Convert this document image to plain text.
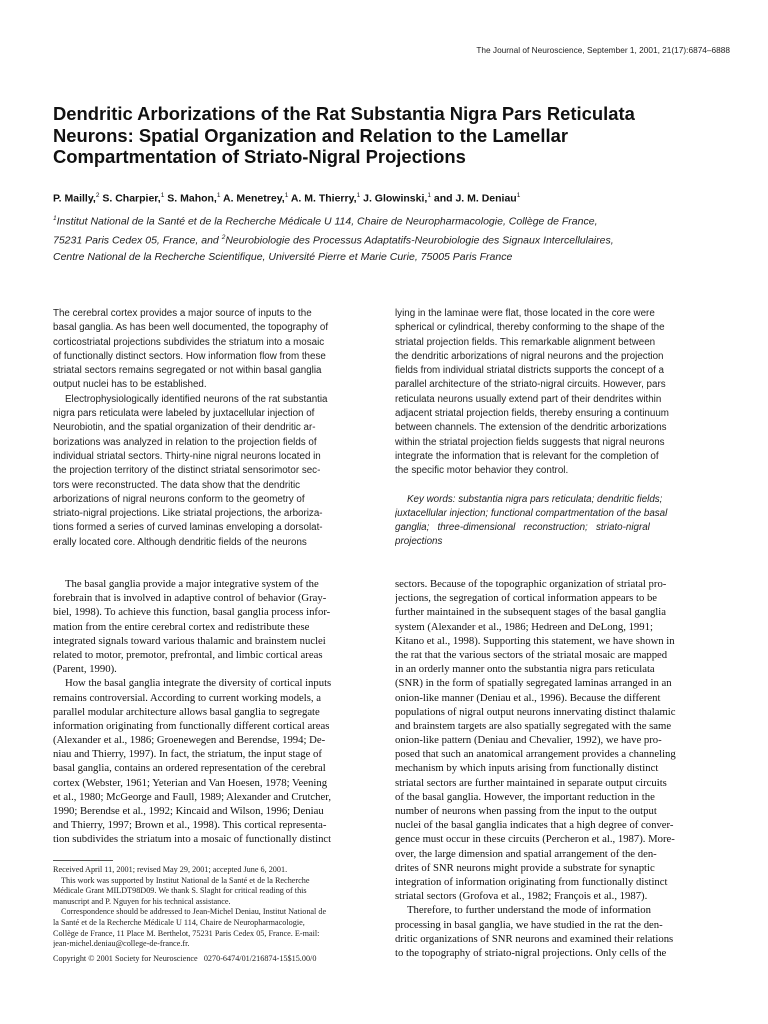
The Journal of Neuroscience, September 1, 2001, 21(17):6874–6888
Dendritic Arborizations of the Rat Substantia Nigra Pars Reticulata
Neurons: Spatial Organization and Relation to the Lamellar
Compartmentation of Striato-Nigral Projections
P. Mailly,$^2$ S. Charpier,$^1$ S. Mahon,$^1$ A. Menetrey,$^1$ A. M. Thierry,$^1$ J. Glowinski,$^1$ and J. M. Deniau$^1$
$^1$Institut National de la Santé et de la Recherche Médicale U 114, Chaire de Neuropharmacologie, Collège de France,
75231 Paris Cedex 05, France, and $^2$Neurobiologie des Processus Adaptatifs-Neurobiologie des Signaux Intercellulaires,
Centre National de la Recherche Scientifique, Université Pierre et Marie Curie, 75005 Paris France
The cerebral cortex provides a major source of inputs to the
basal ganglia. As has been well documented, the topography of
corticostriatal projections subdivides the striatum into a mosaic
of functionally distinct sectors. How information flow from these
striatal sectors remains segregated or not within basal ganglia
output nuclei has to be established.
Electrophysiologically identified neurons of the rat substantia
nigra pars reticulata were labeled by juxtacellular injection of
Neurobiotin, and the spatial organization of their dendritic ar-
borizations was analyzed in relation to the projection fields of
individual striatal sectors. Thirty-nine nigral neurons located in
the projection territory of the distinct striatal sensorimotor sec-
tors were reconstructed. The data show that the dendritic
arborizations of nigral neurons conform to the geometry of
striato-nigral projections. Like striatal projections, the arboriza-
tions formed a series of curved laminas enveloping a dorsolat-
erally located core. Although dendritic fields of the neurons
lying in the laminae were flat, those located in the core were
spherical or cylindrical, thereby conforming to the shape of the
striatal projection fields. This remarkable alignment between
the dendritic arborizations of nigral neurons and the projection
fields from individual striatal districts supports the concept of a
parallel architecture of the striato-nigral circuits. However, pars
reticulata neurons usually extend part of their dendrites within
adjacent striatal projection fields, thereby ensuring a continuum
between channels. The extension of the dendritic arborizations
within the striatal projection fields suggests that nigral neurons
integrate the information that is relevant for the completion of
the specific motor behavior they control.
Key words: substantia nigra pars reticulata; dendritic fields;
juxtacellular injection; functional compartmentation of the basal
ganglia;   three-dimensional   reconstruction;   striato-nigral
projections
The basal ganglia provide a major integrative system of the
forebrain that is involved in adaptive control of behavior (Gray-
biel, 1998). To achieve this function, basal ganglia process infor-
mation from the entire cerebral cortex and redistribute these
integrated signals toward various thalamic and brainstem nuclei
related to motor, premotor, prefrontal, and limbic cortical areas
(Parent, 1990).
How the basal ganglia integrate the diversity of cortical inputs
remains controversial. According to current working models, a
parallel modular architecture allows basal ganglia to segregate
information originating from functionally different cortical areas
(Alexander et al., 1986; Groenewegen and Berendse, 1994; De-
niau and Thierry, 1997). In fact, the striatum, the input stage of
basal ganglia, contains an ordered representation of the cerebral
cortex (Webster, 1961; Yeterian and Van Hoesen, 1978; Veening
et al., 1980; McGeorge and Faull, 1989; Alexander and Crutcher,
1990; Berendse et al., 1992; Kincaid and Wilson, 1996; Deniau
and Thierry, 1997; Brown et al., 1998). This cortical representa-
tion subdivides the striatum into a mosaic of functionally distinct
Received April 11, 2001; revised May 29, 2001; accepted June 6, 2001.
This work was supported by Institut National de la Santé et de la Recherche
Médicale Grant MILDT98D09. We thank S. Slaght for critical reading of this
manuscript and P. Nguyen for his technical assistance.
Correspondence should be addressed to Jean-Michel Deniau, Institut National de
la Santé et de la Recherche Médicale U 114, Chaire de Neuropharmacologie,
Collège de France, 11 Place M. Berthelot, 75231 Paris Cedex 05, France. E-mail:
jean-michel.deniau@college-de-france.fr.
Copyright © 2001 Society for Neuroscience   0270-6474/01/216874-15$15.00/0
sectors. Because of the topographic organization of striatal pro-
jections, the segregation of cortical information appears to be
further maintained in the subsequent stages of the basal ganglia
system (Alexander et al., 1986; Hedreen and DeLong, 1991;
Kitano et al., 1998). Supporting this statement, we have shown in
the rat that the various sectors of the striatal mosaic are mapped
in an orderly manner onto the substantia nigra pars reticulata
(SNR) in the form of spatially segregated laminas arranged in an
onion-like manner (Deniau et al., 1996). Because the different
populations of nigral output neurons innervating distinct thalamic
and brainstem targets are also spatially segregated with the same
onion-like pattern (Deniau and Chevalier, 1992), we have pro-
posed that such an anatomical arrangement provides a channeling
mechanism by which inputs arising from functionally distinct
striatal sectors are further maintained in separate output circuits
of the basal ganglia. However, the important reduction in the
number of neurons when passing from the input to the output
nuclei of the basal ganglia indicates that a high degree of conver-
gence must occur in these circuits (Percheron et al., 1987). More-
over, the large dimension and spatial arrangement of the den-
drites of SNR neurons might provide a substrate for synaptic
integration of information originating from functionally distinct
striatal sectors (Grofova et al., 1982; François et al., 1987).
Therefore, to further understand the mode of information
processing in basal ganglia, we have studied in the rat the den-
dritic organizations of SNR neurons and examined their relations
to the topography of striato-nigral projections. Only cells of the
